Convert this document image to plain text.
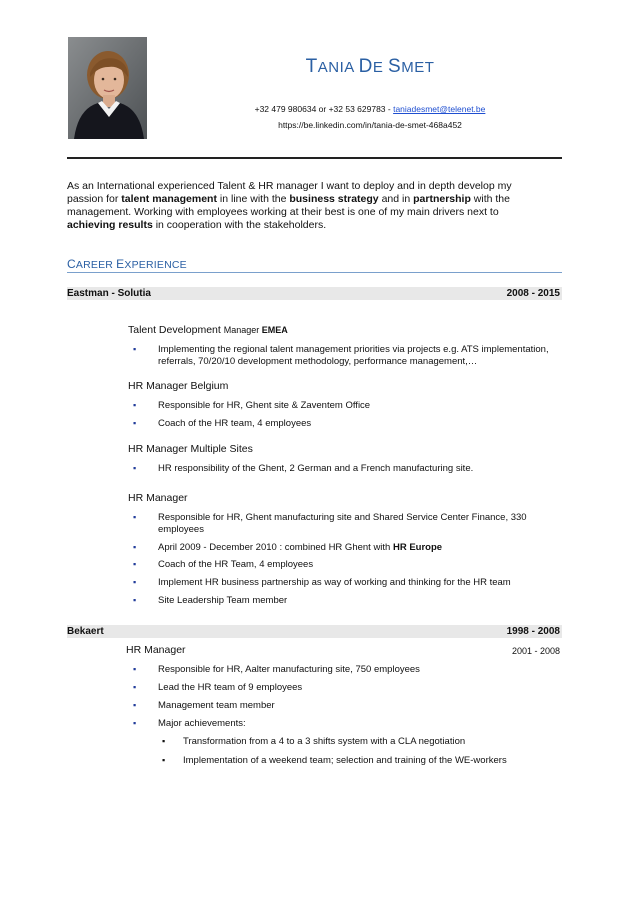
TANIA DE SMET
+32 479 980634 or +32 53 629783 - taniadesmet@telenet.be
https://be.linkedin.com/in/tania-de-smet-468a452
As an International experienced Talent & HR manager I want to deploy and in depth develop my passion for talent management in line with the business strategy and in partnership with the management. Working with employees working at their best is one of my main drivers next to achieving results in cooperation with the stakeholders.
CAREER EXPERIENCE
Eastman - Solutia	2008 - 2015
Talent Development Manager EMEA
▪ Implementing the regional talent management priorities via projects e.g. ATS implementation, referrals, 70/20/10 development methodology, performance management,…
HR Manager Belgium
▪ Responsible for HR, Ghent site & Zaventem Office
▪ Coach of the HR team, 4 employees
HR Manager Multiple Sites
▪ HR responsibility of the Ghent, 2 German and a French manufacturing site.
HR Manager
▪ Responsible for HR, Ghent manufacturing site and Shared Service Center Finance, 330 employees
▪ April 2009 - December 2010 : combined HR Ghent with HR Europe
▪ Coach of the HR Team, 4 employees
▪ Implement HR business partnership as way of working and thinking for the HR team
▪ Site Leadership Team member
Bekaert	1998 - 2008
HR Manager	2001 - 2008
▪ Responsible for HR, Aalter manufacturing site, 750 employees
▪ Lead the HR team of 9 employees
▪ Management team member
▪ Major achievements:
▪ Transformation from a 4 to a 3 shifts system with a CLA negotiation
▪ Implementation of a weekend team; selection and training of the WE-workers
